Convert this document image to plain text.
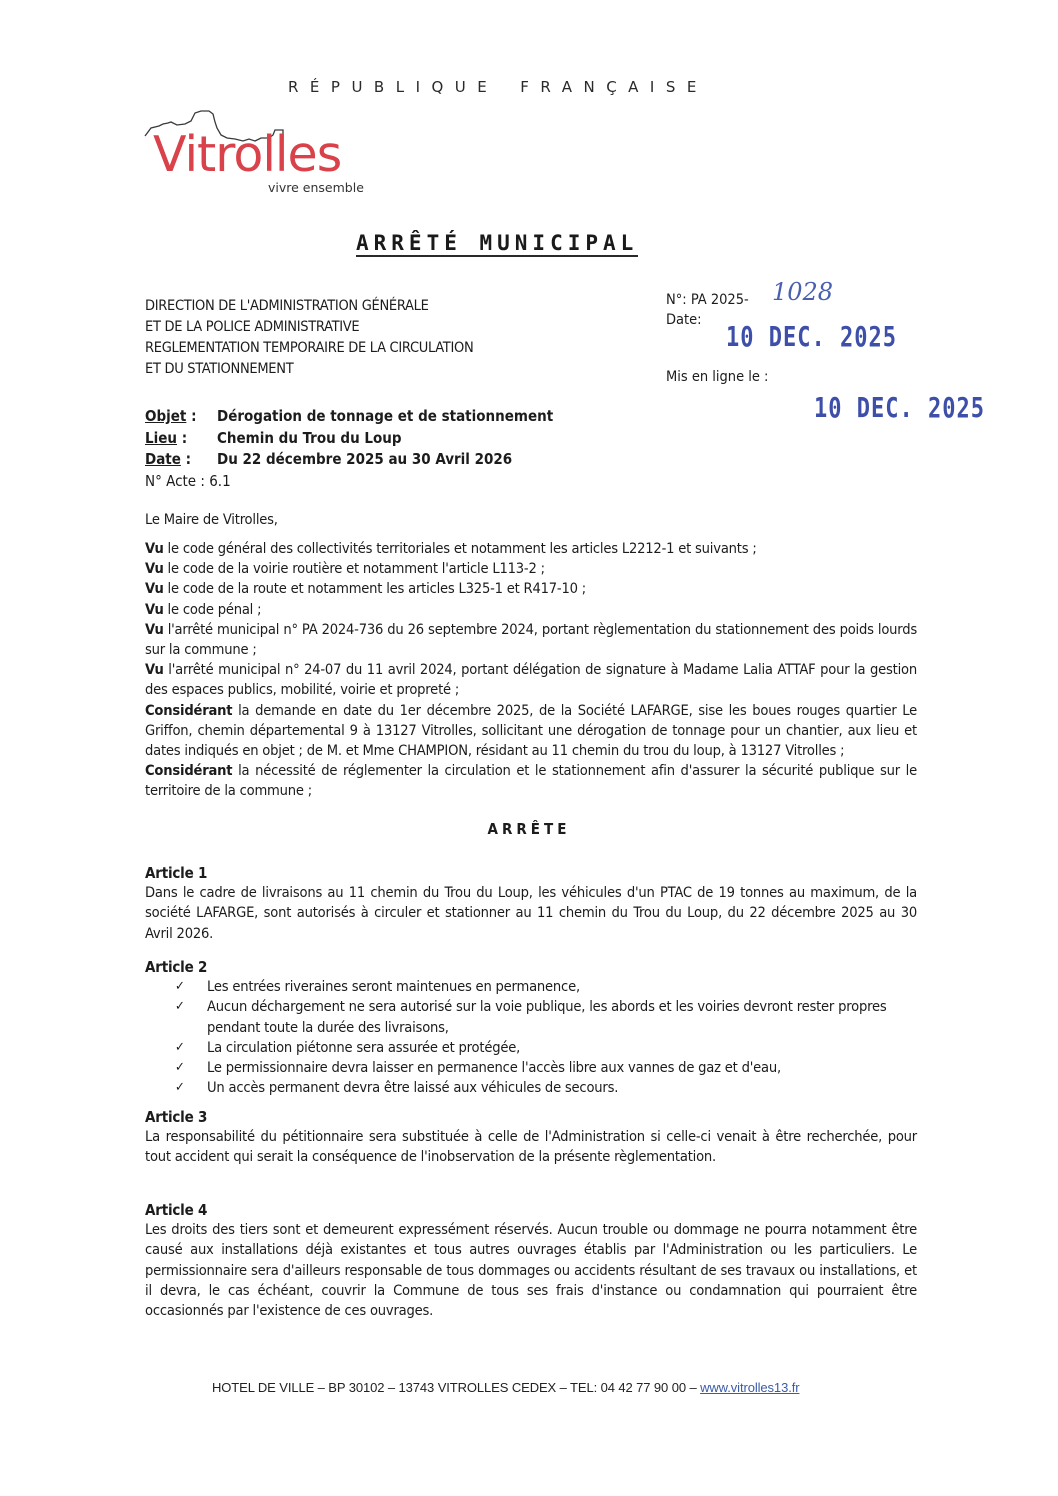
RÉPUBLIQUE FRANÇAISE
Vitrolles
vivre ensemble
ARRÊTÉ MUNICIPAL
DIRECTION DE L'ADMINISTRATION GÉNÉRALE
ET DE LA POLICE ADMINISTRATIVE
REGLEMENTATION TEMPORAIRE DE LA CIRCULATION
ET DU STATIONNEMENT
N°: PA 2025- 1028
Date:
10 DEC. 2025
Mis en ligne le :
10 DEC. 2025
Objet : Dérogation de tonnage et de stationnement
Lieu : Chemin du Trou du Loup
Date : Du 22 décembre 2025 au 30 Avril 2026
N° Acte : 6.1

Le Maire de Vitrolles,

Vu le code général des collectivités territoriales et notamment les articles L2212-1 et suivants ;

Vu le code de la voirie routière et notamment l'article L113-2 ;

Vu le code de la route et notamment les articles L325-1 et R417-10 ;

Vu le code pénal ;

Vu l'arrêté municipal n° PA 2024-736 du 26 septembre 2024, portant règlementation du stationnement des poids lourds sur la commune ;

Vu l'arrêté municipal n° 24-07 du 11 avril 2024, portant délégation de signature à Madame Lalia ATTAF pour la gestion des espaces publics, mobilité, voirie et propreté ;

Considérant la demande en date du 1er décembre 2025, de la Société LAFARGE, sise les boues rouges quartier Le Griffon, chemin départemental 9 à 13127 Vitrolles, sollicitant une dérogation de tonnage pour un chantier, aux lieu et dates indiqués en objet ; de M. et Mme CHAMPION, résidant au 11 chemin du trou du loup, à 13127 Vitrolles ;

Considérant la nécessité de réglementer la circulation et le stationnement afin d'assurer la sécurité publique sur le territoire de la commune ;

ARRÊTE

Article 1

Dans le cadre de livraisons au 11 chemin du Trou du Loup, les véhicules d'un PTAC de 19 tonnes au maximum, de la société LAFARGE, sont autorisés à circuler et stationner au 11 chemin du Trou du Loup, du 22 décembre 2025 au 30 Avril 2026.

Article 2

✓ Les entrées riveraines seront maintenues en permanence,
✓ Aucun déchargement ne sera autorisé sur la voie publique, les abords et les voiries devront rester propres pendant toute la durée des livraisons,
✓ La circulation piétonne sera assurée et protégée,
✓ Le permissionnaire devra laisser en permanence l'accès libre aux vannes de gaz et d'eau,
✓ Un accès permanent devra être laissé aux véhicules de secours.

Article 3

La responsabilité du pétitionnaire sera substituée à celle de l'Administration si celle-ci venait à être recherchée, pour tout accident qui serait la conséquence de l'inobservation de la présente règlementation.

Article 4

Les droits des tiers sont et demeurent expressément réservés. Aucun trouble ou dommage ne pourra notamment être causé aux installations déjà existantes et tous autres ouvrages établis par l'Administration ou les particuliers. Le permissionnaire sera d'ailleurs responsable de tous dommages ou accidents résultant de ses travaux ou installations, et il devra, le cas échéant, couvrir la Commune de tous ses frais d'instance ou condamnation qui pourraient être occasionnés par l'existence de ces ouvrages.

HOTEL DE VILLE – BP 30102 – 13743 VITROLLES CEDEX – TEL: 04 42 77 90 00 – www.vitrolles13.fr
